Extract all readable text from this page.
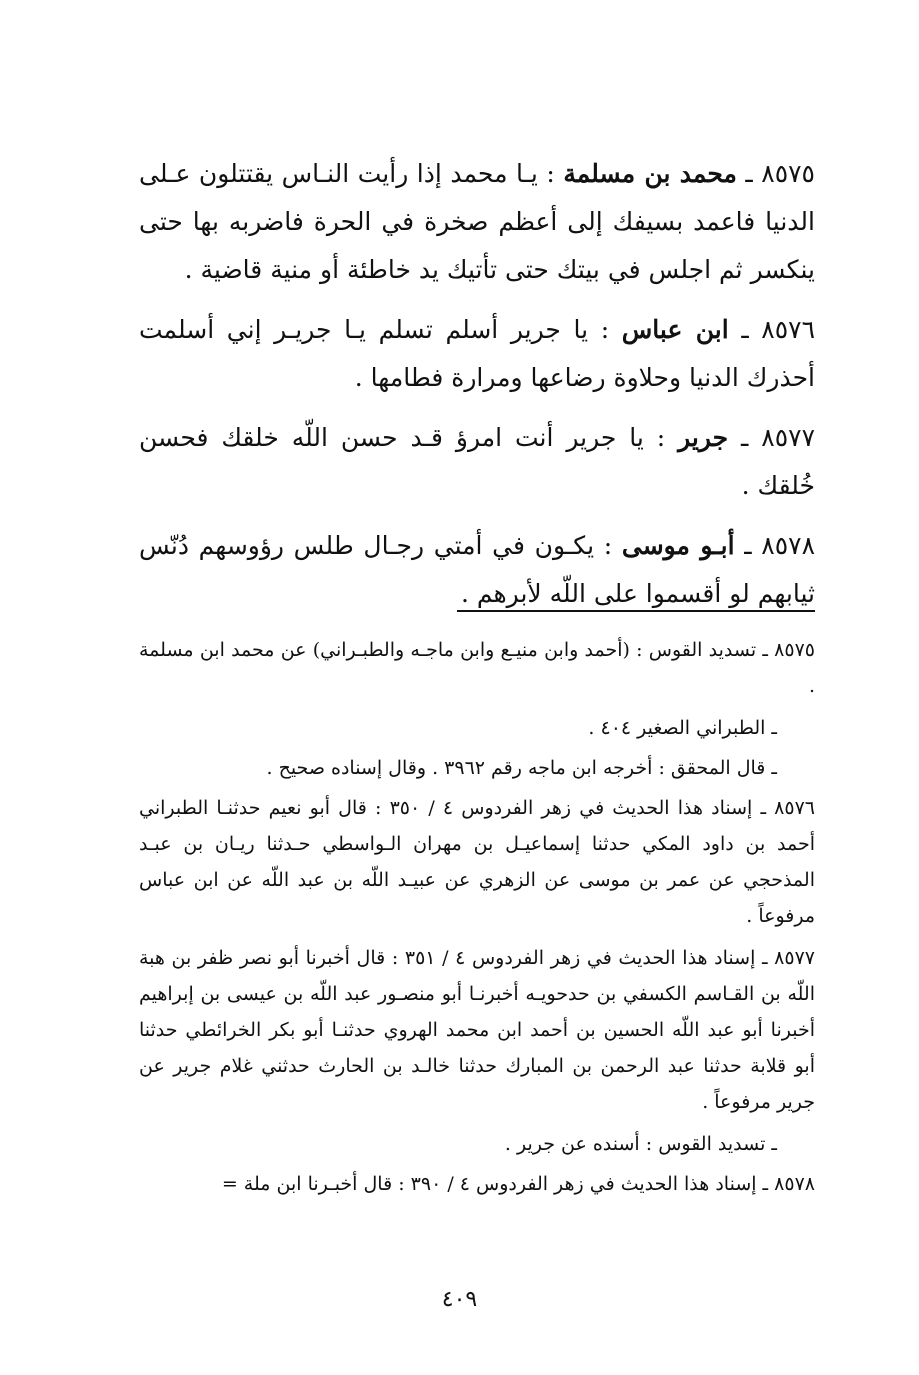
٨٥٧٥ ـ محمد بن مسلمة : يـا محمد إذا رأيت النـاس يقتتلون عـلى الدنيا فاعمد بسيفك إلى أعظم صخرة في الحرة فاضربه بها حتى ينكسر ثم اجلس في بيتك حتى تأتيك يد خاطئة أو منية قاضية .

٨٥٧٦ ـ ابن عباس : يا جرير أسلم تسلم يـا جريـر إني أسلمت أحذرك الدنيا وحلاوة رضاعها ومرارة فطامها .

٨٥٧٧ ـ جرير : يا جرير أنت امرؤ قـد حسن اللّه خلقك فحسن خُلقك .

٨٥٧٨ ـ أبـو موسى : يكـون في أمتي رجـال طلس رؤوسهم دُنّس ثيابهم لو أقسموا على اللّه لأبرهم .

٨٥٧٥ ـ تسديد القوس : (أحمد وابن منيـع وابن ماجـه والطبـراني) عن محمد ابن مسلمة .

ـ الطبراني الصغير ٤٠٤ .

ـ قال المحقق : أخرجه ابن ماجه رقم ٣٩٦٢ . وقال إسناده صحيح .

٨٥٧٦ ـ إسناد هذا الحديث في زهر الفردوس ٤ / ٣٥٠ : قال أبو نعيم حدثنـا الطبراني أحمد بن داود المكي حدثنا إسماعيـل بن مهران الـواسطي حـدثنا ريـان بن عبـد المذحجي عن عمر بن موسى عن الزهري عن عبيـد اللّه بن عبد اللّه عن ابن عباس مرفوعاً .

٨٥٧٧ ـ إسناد هذا الحديث في زهر الفردوس ٤ / ٣٥١ : قال أخبرنا أبو نصر ظفر بن هبة اللّه بن القـاسم الكسفي بن حدحويـه أخبرنـا أبو منصـور عبد اللّه بن عيسى بن إبراهيم أخبرنا أبو عبد اللّه الحسين بن أحمد ابن محمد الهروي حدثنـا أبو بكر الخرائطي حدثنا أبو قلابة حدثنا عبد الرحمن بن المبارك حدثنا خالـد بن الحارث حدثني غلام جرير عن جرير مرفوعاً .

ـ تسديد القوس : أسنده عن جرير .

٨٥٧٨ ـ إسناد هذا الحديث في زهر الفردوس ٤ / ٣٩٠ : قال أخبـرنا ابن ملة =

٤٠٩
